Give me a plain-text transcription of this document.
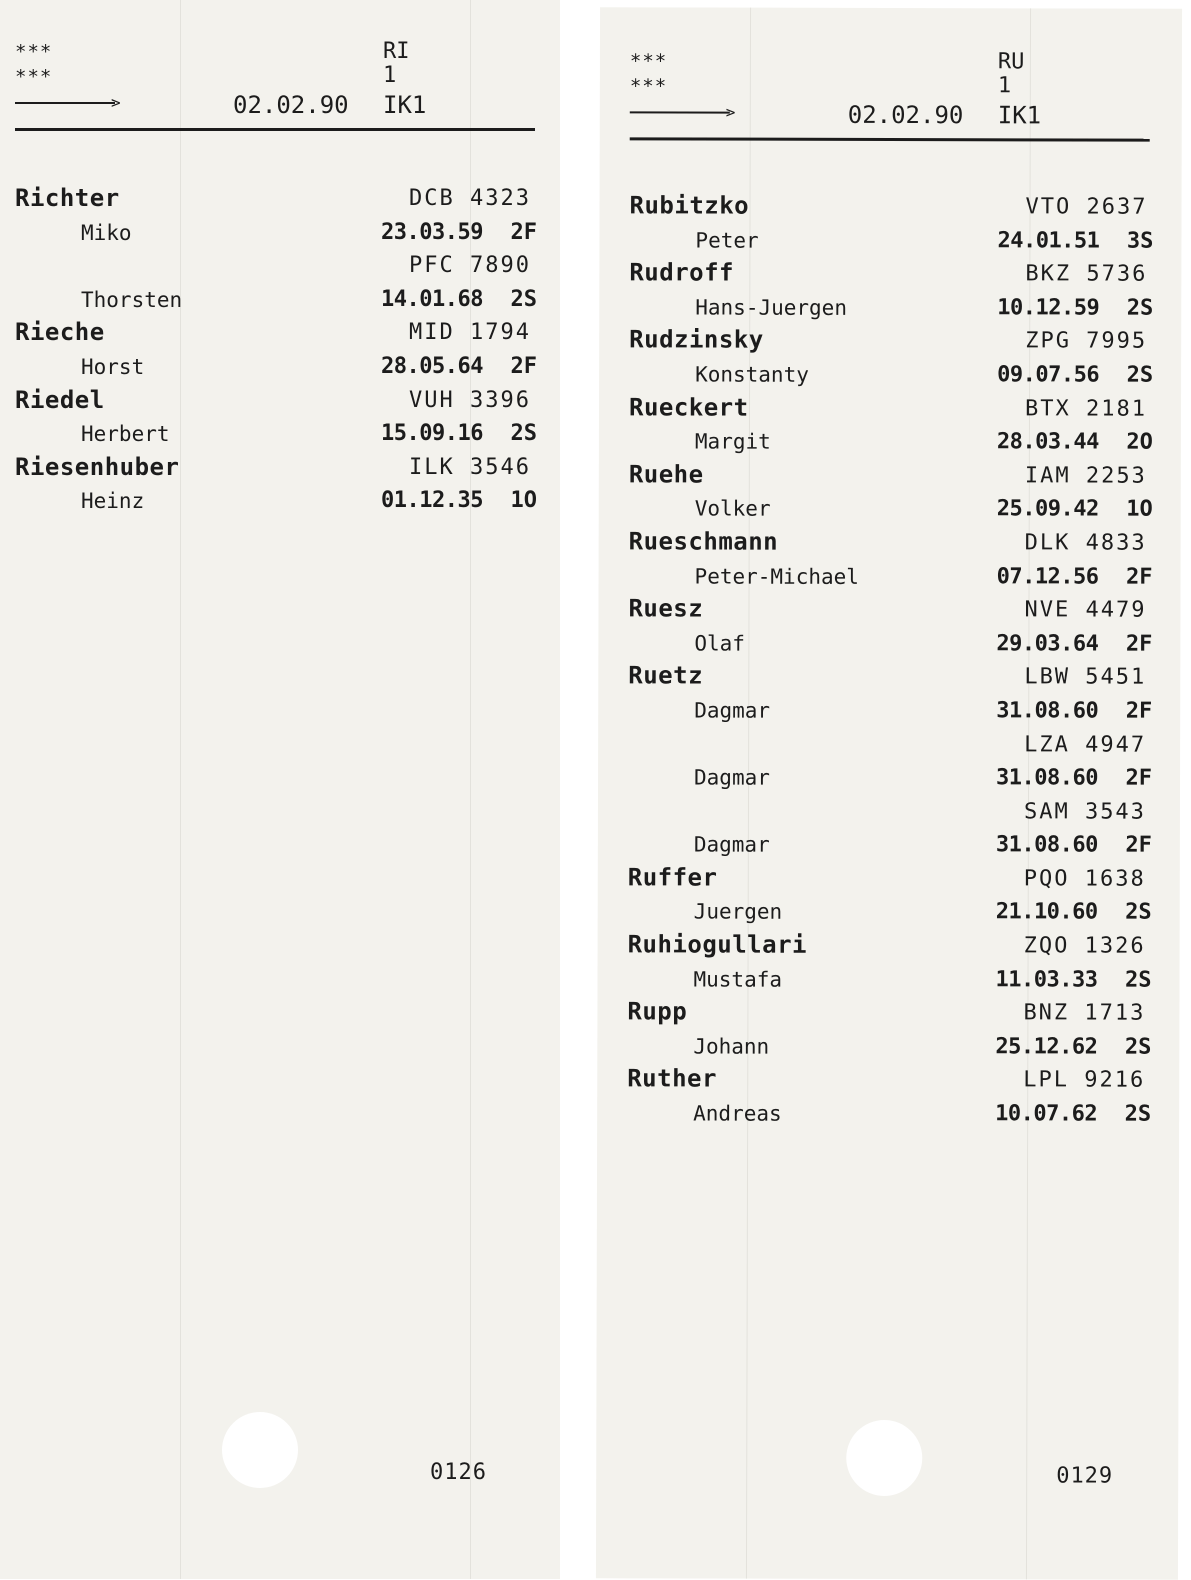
***
***
RI
1
>	02.02.90 IK1
Richter	DCB 4323
Miko	23.03.59 2F
PFC 7890
Thorsten	14.01.68 2S
Rieche	MID 1794
Horst	28.05.64 2F
Riedel	VUH 3396
Herbert	15.09.16 2S
Riesenhuber	ILK 3546
Heinz	01.12.35 1O
0126
***
***
RU
1
>	02.02.90 IK1
Rubitzko	VTO 2637
Peter	24.01.51 3S
Rudroff	BKZ 5736
Hans-Juergen	10.12.59 2S
Rudzinsky	ZPG 7995
Konstanty	09.07.56 2S
Rueckert	BTX 2181
Margit	28.03.44 2O
Ruehe	IAM 2253
Volker	25.09.42 1O
Rueschmann	DLK 4833
Peter-Michael	07.12.56 2F
Ruesz	NVE 4479
Olaf	29.03.64 2F
Ruetz	LBW 5451
Dagmar	31.08.60 2F
LZA 4947
Dagmar	31.08.60 2F
SAM 3543
Dagmar	31.08.60 2F
Ruffer	PQO 1638
Juergen	21.10.60 2S
Ruhiogullari	ZQO 1326
Mustafa	11.03.33 2S
Rupp	BNZ 1713
Johann	25.12.62 2S
Ruther	LPL 9216
Andreas	10.07.62 2S
0129
